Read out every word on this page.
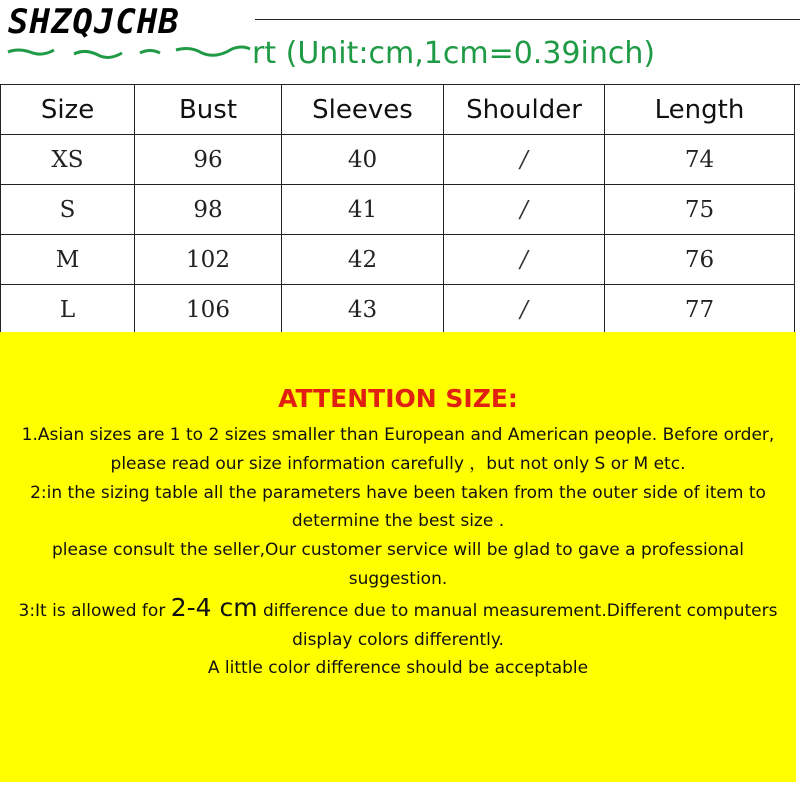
SHZQJCHB
rt (Unit:cm,1cm=0.39inch)
Size	Bust	Sleeves	Shoulder	Length
XS	96	40	/	74
S	98	41	/	75
M	102	42	/	76
L	106	43	/	77
ATTENTION SIZE:
1.Asian sizes are 1 to 2 sizes smaller than European and American people. Before order,
please read our size information carefully ，but not only S or M etc.
2:in the sizing table all the parameters have been taken from the outer side of item to determine the best size .
please consult the seller,Our customer service will be glad to gave a professional suggestion.
3:It is allowed for 2-4 cm difference due to manual measurement.Different computers display colors differently.
A little color difference should be acceptable
